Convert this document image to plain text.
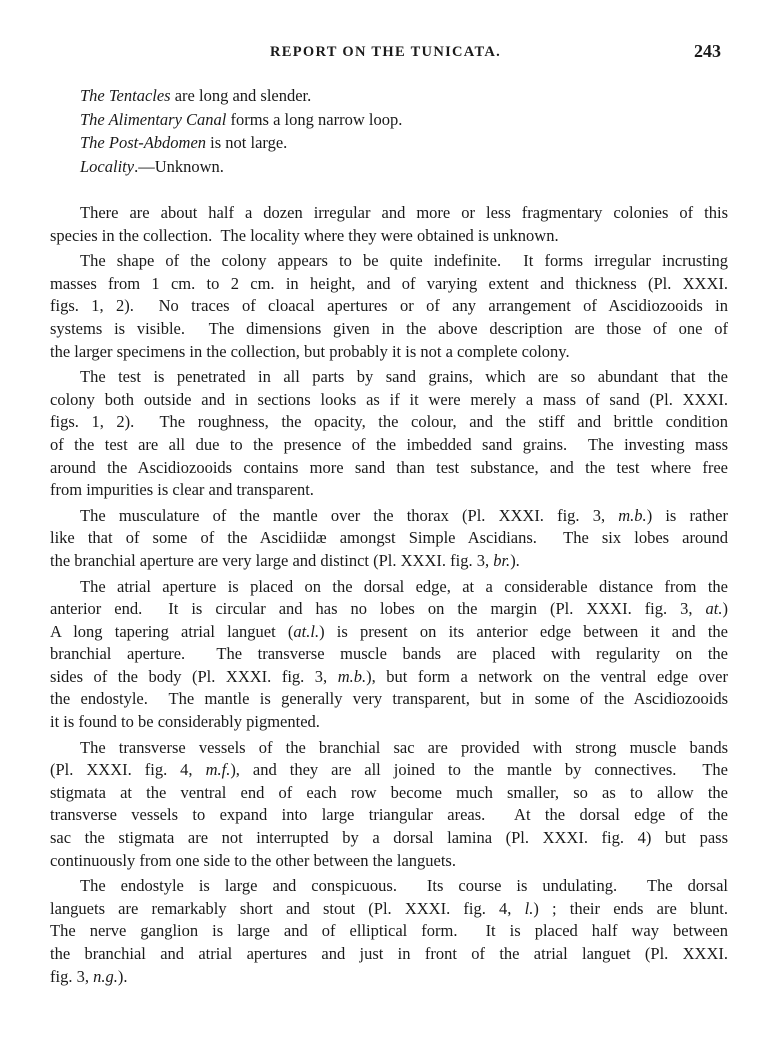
REPORT ON THE TUNICATA.	243
The Tentacles are long and slender.
The Alimentary Canal forms a long narrow loop.
The Post-Abdomen is not large.
Locality.—Unknown.
There are about half a dozen irregular and more or less fragmentary colonies of this
species in the collection.  The locality where they were obtained is unknown.
The shape of the colony appears to be quite indefinite.  It forms irregular incrusting
masses from 1 cm. to 2 cm. in height, and of varying extent and thickness (Pl. XXXI.
figs. 1, 2).  No traces of cloacal apertures or of any arrangement of Ascidiozooids in
systems is visible.  The dimensions given in the above description are those of one of
the larger specimens in the collection, but probably it is not a complete colony.
The test is penetrated in all parts by sand grains, which are so abundant that the
colony both outside and in sections looks as if it were merely a mass of sand (Pl. XXXI.
figs. 1, 2).  The roughness, the opacity, the colour, and the stiff and brittle condition
of the test are all due to the presence of the imbedded sand grains.  The investing mass
around the Ascidiozooids contains more sand than test substance, and the test where free
from impurities is clear and transparent.
The musculature of the mantle over the thorax (Pl. XXXI. fig. 3, m.b.) is rather
like that of some of the Ascidiidæ amongst Simple Ascidians.  The six lobes around
the branchial aperture are very large and distinct (Pl. XXXI. fig. 3, br.).
The atrial aperture is placed on the dorsal edge, at a considerable distance from the
anterior end.  It is circular and has no lobes on the margin (Pl. XXXI. fig. 3, at.)
A long tapering atrial languet (at.l.) is present on its anterior edge between it and the
branchial aperture.  The transverse muscle bands are placed with regularity on the
sides of the body (Pl. XXXI. fig. 3, m.b.), but form a network on the ventral edge over
the endostyle.  The mantle is generally very transparent, but in some of the Ascidiozooids
it is found to be considerably pigmented.
The transverse vessels of the branchial sac are provided with strong muscle bands
(Pl. XXXI. fig. 4, m.f.), and they are all joined to the mantle by connectives.  The
stigmata at the ventral end of each row become much smaller, so as to allow the
transverse vessels to expand into large triangular areas.  At the dorsal edge of the
sac the stigmata are not interrupted by a dorsal lamina (Pl. XXXI. fig. 4) but pass
continuously from one side to the other between the languets.
The endostyle is large and conspicuous.  Its course is undulating.  The dorsal
languets are remarkably short and stout (Pl. XXXI. fig. 4, l.) ; their ends are blunt.
The nerve ganglion is large and of elliptical form.  It is placed half way between
the branchial and atrial apertures and just in front of the atrial languet (Pl. XXXI.
fig. 3, n.g.).
